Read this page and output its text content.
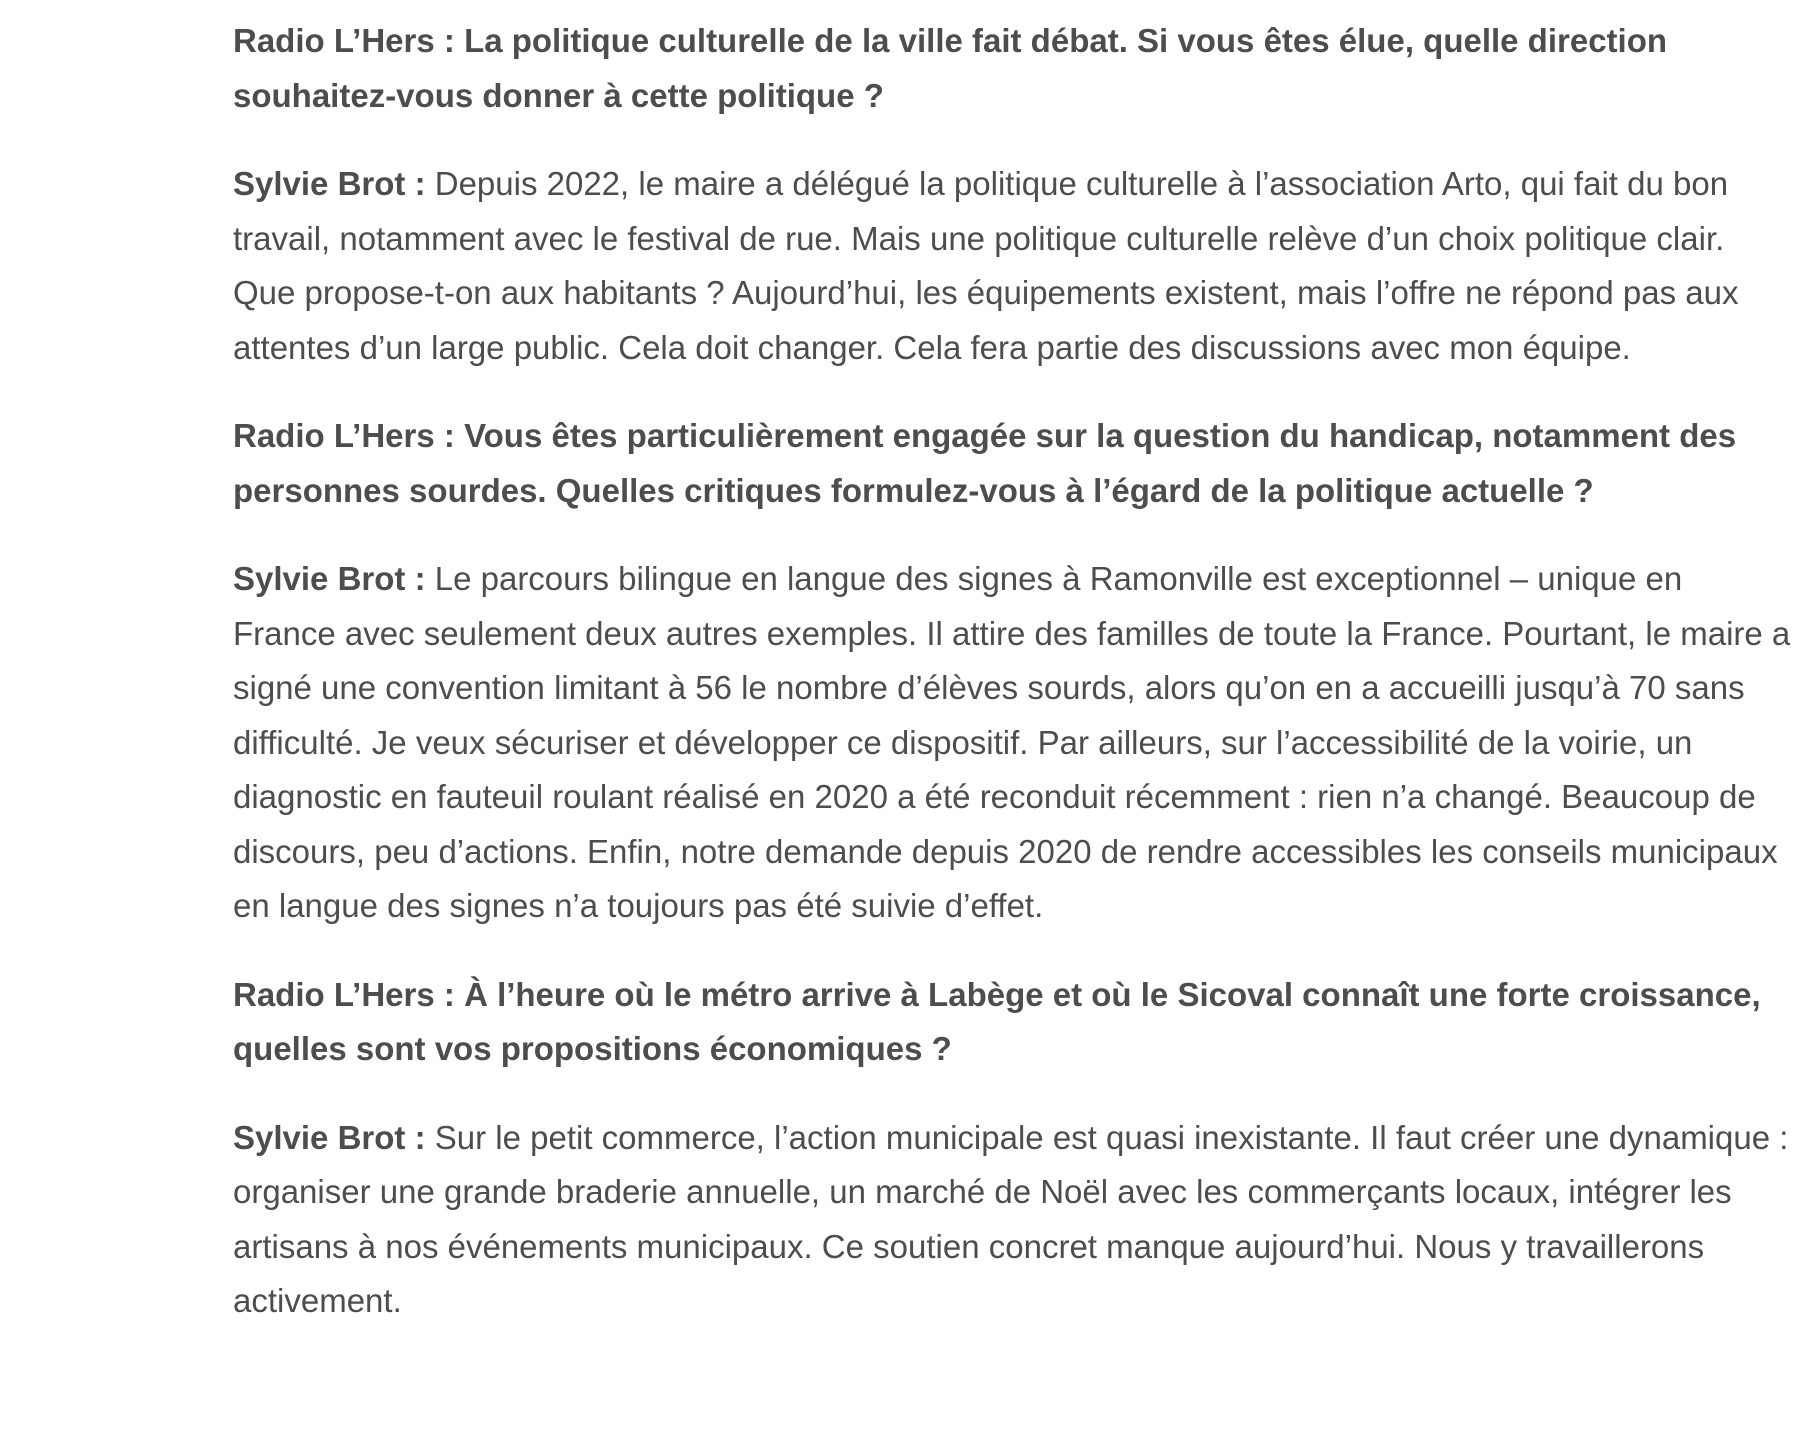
Radio L’Hers : La politique culturelle de la ville fait débat. Si vous êtes élue, quelle direction souhaitez-vous donner à cette politique ?

Sylvie Brot : Depuis 2022, le maire a délégué la politique culturelle à l’association Arto, qui fait du bon travail, notamment avec le festival de rue. Mais une politique culturelle relève d’un choix politique clair. Que propose-t-on aux habitants ? Aujourd’hui, les équipements existent, mais l’offre ne répond pas aux attentes d’un large public. Cela doit changer. Cela fera partie des discussions avec mon équipe.

Radio L’Hers : Vous êtes particulièrement engagée sur la question du handicap, notamment des personnes sourdes. Quelles critiques formulez-vous à l’égard de la politique actuelle ?

Sylvie Brot : Le parcours bilingue en langue des signes à Ramonville est exceptionnel – unique en France avec seulement deux autres exemples. Il attire des familles de toute la France. Pourtant, le maire a signé une convention limitant à 56 le nombre d’élèves sourds, alors qu’on en a accueilli jusqu’à 70 sans difficulté. Je veux sécuriser et développer ce dispositif. Par ailleurs, sur l’accessibilité de la voirie, un diagnostic en fauteuil roulant réalisé en 2020 a été reconduit récemment : rien n’a changé. Beaucoup de discours, peu d’actions. Enfin, notre demande depuis 2020 de rendre accessibles les conseils municipaux en langue des signes n’a toujours pas été suivie d’effet.

Radio L’Hers : À l’heure où le métro arrive à Labège et où le Sicoval connaît une forte croissance, quelles sont vos propositions économiques ?

Sylvie Brot : Sur le petit commerce, l’action municipale est quasi inexistante. Il faut créer une dynamique : organiser une grande braderie annuelle, un marché de Noël avec les commerçants locaux, intégrer les artisans à nos événements municipaux. Ce soutien concret manque aujourd’hui. Nous y travaillerons activement.
